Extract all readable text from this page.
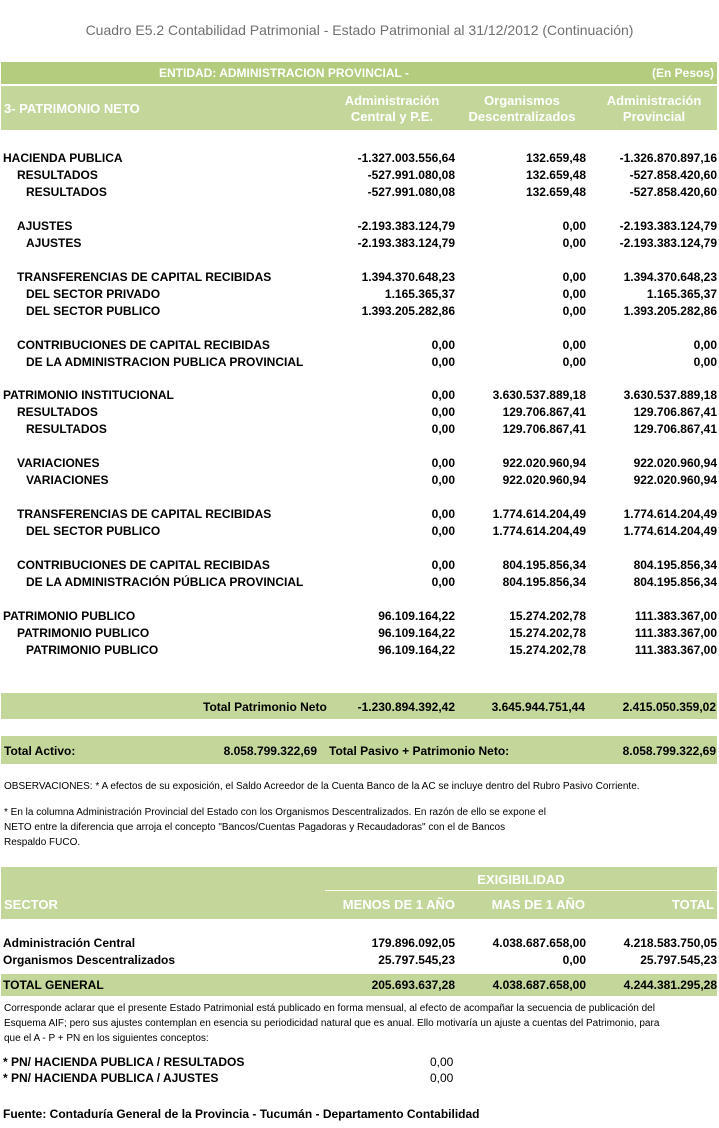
Cuadro E5.2 Contabilidad Patrimonial - Estado Patrimonial al 31/12/2012 (Continuación)
ENTIDAD: ADMINISTRACION PROVINCIAL -	(En Pesos)
3- PATRIMONIO NETO
Administración Central y P.E.
Organismos Descentralizados
Administración Provincial
HACIENDA PUBLICA	-1.327.003.556,64	132.659,48	-1.326.870.897,16
RESULTADOS	-527.991.080,08	132.659,48	-527.858.420,60
RESULTADOS	-527.991.080,08	132.659,48	-527.858.420,60
AJUSTES	-2.193.383.124,79	0,00	-2.193.383.124,79
AJUSTES	-2.193.383.124,79	0,00	-2.193.383.124,79
TRANSFERENCIAS DE CAPITAL RECIBIDAS	1.394.370.648,23	0,00	1.394.370.648,23
DEL SECTOR PRIVADO	1.165.365,37	0,00	1.165.365,37
DEL SECTOR PUBLICO	1.393.205.282,86	0,00	1.393.205.282,86
CONTRIBUCIONES DE CAPITAL RECIBIDAS	0,00	0,00	0,00
DE LA ADMINISTRACION PUBLICA PROVINCIAL	0,00	0,00	0,00
PATRIMONIO INSTITUCIONAL	0,00	3.630.537.889,18	3.630.537.889,18
RESULTADOS	0,00	129.706.867,41	129.706.867,41
RESULTADOS	0,00	129.706.867,41	129.706.867,41
VARIACIONES	0,00	922.020.960,94	922.020.960,94
VARIACIONES	0,00	922.020.960,94	922.020.960,94
TRANSFERENCIAS DE CAPITAL RECIBIDAS	0,00	1.774.614.204,49	1.774.614.204,49
DEL SECTOR PUBLICO	0,00	1.774.614.204,49	1.774.614.204,49
CONTRIBUCIONES DE CAPITAL RECIBIDAS	0,00	804.195.856,34	804.195.856,34
DE LA ADMINISTRACIÓN PÚBLICA PROVINCIAL	0,00	804.195.856,34	804.195.856,34
PATRIMONIO PUBLICO	96.109.164,22	15.274.202,78	111.383.367,00
PATRIMONIO PUBLICO	96.109.164,22	15.274.202,78	111.383.367,00
PATRIMONIO PUBLICO	96.109.164,22	15.274.202,78	111.383.367,00
Total Patrimonio Neto	-1.230.894.392,42	3.645.944.751,44	2.415.050.359,02
Total Activo:	8.058.799.322,69 Total Pasivo + Patrimonio Neto:	8.058.799.322,69
OBSERVACIONES: * A efectos de su exposición, el Saldo Acreedor de la Cuenta Banco de la AC se incluye dentro del Rubro Pasivo Corriente.
* En la columna Administración Provincial del Estado con los Organismos Descentralizados. En razón de ello se expone el
NETO entre la diferencia que arroja el concepto "Bancos/Cuentas Pagadoras y Recaudadoras" con el de Bancos
Respaldo FUCO.
EXIGIBILIDAD
SECTOR	MENOS DE 1 AÑO	MAS DE 1 AÑO	TOTAL
Administración Central	179.896.092,05	4.038.687.658,00	4.218.583.750,05
Organismos Descentralizados	25.797.545,23	0,00	25.797.545,23
TOTAL GENERAL	205.693.637,28	4.038.687.658,00	4.244.381.295,28
Corresponde aclarar que el presente Estado Patrimonial está publicado en forma mensual, al efecto de acompañar la secuencia de publicación del
Esquema AIF; pero sus ajustes contemplan en esencia su periodicidad natural que es anual. Ello motivaría un ajuste a cuentas del Patrimonio, para
que el A - P + PN en los siguientes conceptos:
* PN/ HACIENDA PUBLICA / RESULTADOS	0,00
* PN/ HACIENDA PUBLICA / AJUSTES	0,00
Fuente: Contaduría General de la Provincia - Tucumán - Departamento Contabilidad
